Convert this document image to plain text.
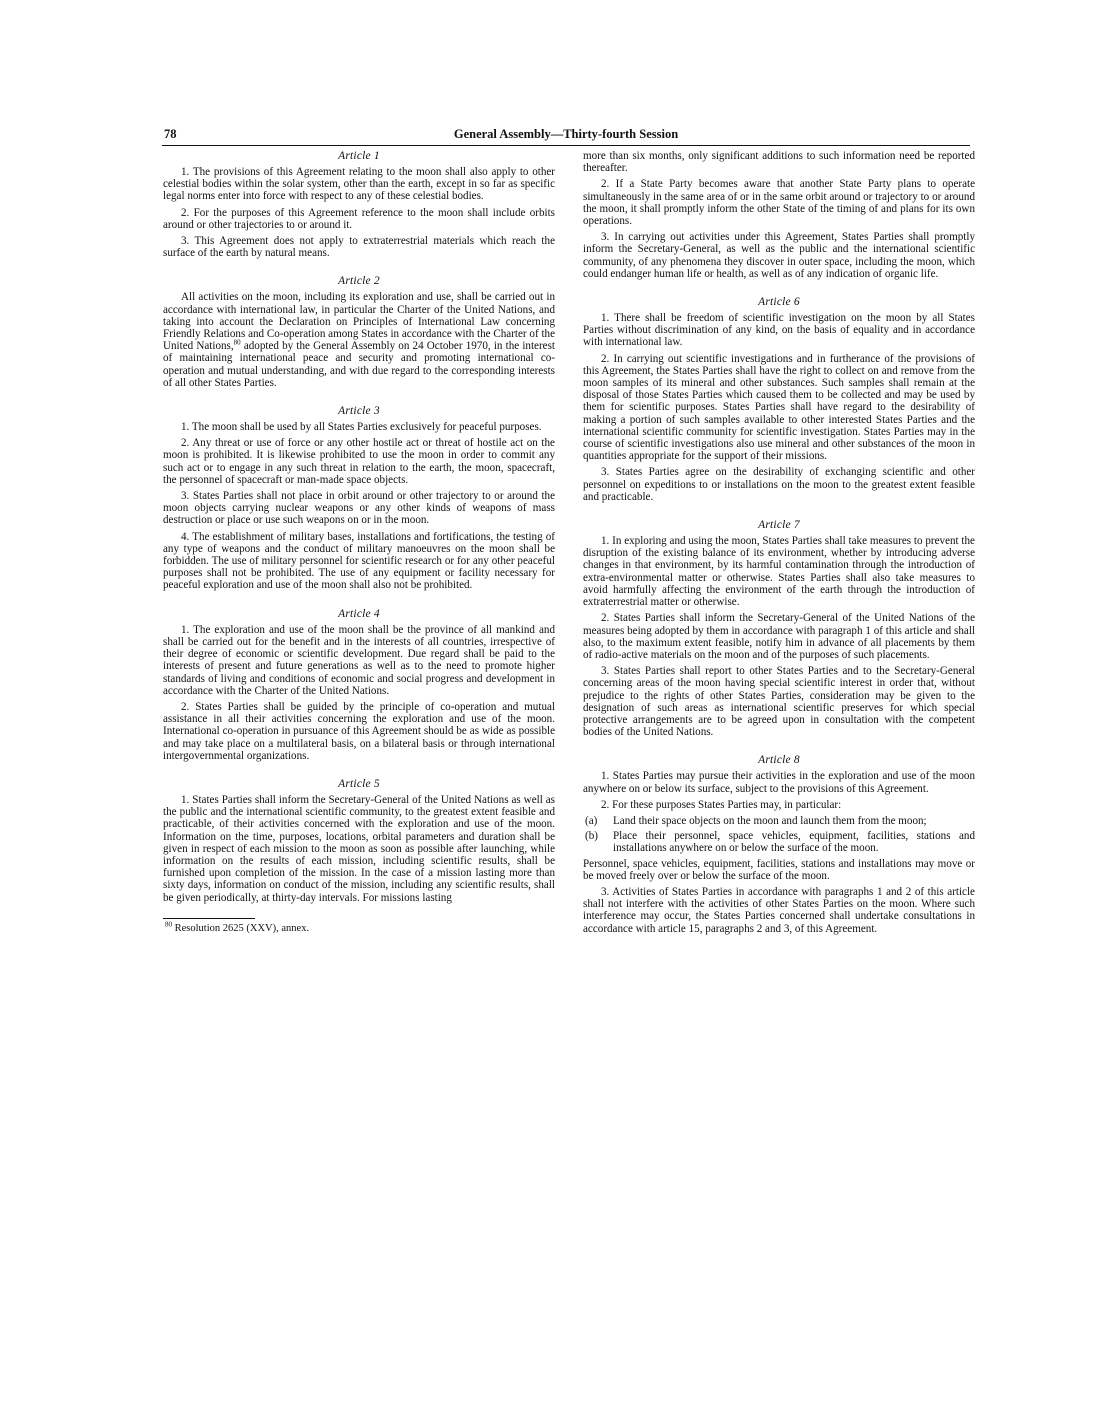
78	General Assembly—Thirty-fourth Session
Article 1

1. The provisions of this Agreement relating to the moon shall also apply to other celestial bodies within the solar system, other than the earth, except in so far as specific legal norms enter into force with respect to any of these celestial bodies.

2. For the purposes of this Agreement reference to the moon shall include orbits around or other trajectories to or around it.

3. This Agreement does not apply to extraterrestrial materials which reach the surface of the earth by natural means.

Article 2

All activities on the moon, including its exploration and use, shall be carried out in accordance with international law, in particular the Charter of the United Nations, and taking into account the Declaration on Principles of International Law concerning Friendly Relations and Co-operation among States in accordance with the Charter of the United Nations,$^{80}$ adopted by the General Assembly on 24 October 1970, in the interest of maintaining international peace and security and promoting international co-operation and mutual understanding, and with due regard to the corresponding interests of all other States Parties.

Article 3

1. The moon shall be used by all States Parties exclusively for peaceful purposes.

2. Any threat or use of force or any other hostile act or threat of hostile act on the moon is prohibited. It is likewise prohibited to use the moon in order to commit any such act or to engage in any such threat in relation to the earth, the moon, spacecraft, the personnel of spacecraft or man-made space objects.

3. States Parties shall not place in orbit around or other trajectory to or around the moon objects carrying nuclear weapons or any other kinds of weapons of mass destruction or place or use such weapons on or in the moon.

4. The establishment of military bases, installations and fortifications, the testing of any type of weapons and the conduct of military manoeuvres on the moon shall be forbidden. The use of military personnel for scientific research or for any other peaceful purposes shall not be prohibited. The use of any equipment or facility necessary for peaceful exploration and use of the moon shall also not be prohibited.

Article 4

1. The exploration and use of the moon shall be the province of all mankind and shall be carried out for the benefit and in the interests of all countries, irrespective of their degree of economic or scientific development. Due regard shall be paid to the interests of present and future generations as well as to the need to promote higher standards of living and conditions of economic and social progress and development in accordance with the Charter of the United Nations.

2. States Parties shall be guided by the principle of co-operation and mutual assistance in all their activities concerning the exploration and use of the moon. International co-operation in pursuance of this Agreement should be as wide as possible and may take place on a multilateral basis, on a bilateral basis or through international intergovernmental organizations.

Article 5

1. States Parties shall inform the Secretary-General of the United Nations as well as the public and the international scientific community, to the greatest extent feasible and practicable, of their activities concerned with the exploration and use of the moon. Information on the time, purposes, locations, orbital parameters and duration shall be given in respect of each mission to the moon as soon as possible after launching, while information on the results of each mission, including scientific results, shall be furnished upon completion of the mission. In the case of a mission lasting more than sixty days, information on conduct of the mission, including any scientific results, shall be given periodically, at thirty-day intervals. For missions lasting

$^{80}$ Resolution 2625 (XXV), annex.

more than six months, only significant additions to such information need be reported thereafter.

2. If a State Party becomes aware that another State Party plans to operate simultaneously in the same area of or in the same orbit around or trajectory to or around the moon, it shall promptly inform the other State of the timing of and plans for its own operations.

3. In carrying out activities under this Agreement, States Parties shall promptly inform the Secretary-General, as well as the public and the international scientific community, of any phenomena they discover in outer space, including the moon, which could endanger human life or health, as well as of any indication of organic life.

Article 6

1. There shall be freedom of scientific investigation on the moon by all States Parties without discrimination of any kind, on the basis of equality and in accordance with international law.

2. In carrying out scientific investigations and in furtherance of the provisions of this Agreement, the States Parties shall have the right to collect on and remove from the moon samples of its mineral and other substances. Such samples shall remain at the disposal of those States Parties which caused them to be collected and may be used by them for scientific purposes. States Parties shall have regard to the desirability of making a portion of such samples available to other interested States Parties and the international scientific community for scientific investigation. States Parties may in the course of scientific investigations also use mineral and other substances of the moon in quantities appropriate for the support of their missions.

3. States Parties agree on the desirability of exchanging scientific and other personnel on expeditions to or installations on the moon to the greatest extent feasible and practicable.

Article 7

1. In exploring and using the moon, States Parties shall take measures to prevent the disruption of the existing balance of its environment, whether by introducing adverse changes in that environment, by its harmful contamination through the introduction of extra-environmental matter or otherwise. States Parties shall also take measures to avoid harmfully affecting the environment of the earth through the introduction of extraterrestrial matter or otherwise.

2. States Parties shall inform the Secretary-General of the United Nations of the measures being adopted by them in accordance with paragraph 1 of this article and shall also, to the maximum extent feasible, notify him in advance of all placements by them of radio-active materials on the moon and of the purposes of such placements.

3. States Parties shall report to other States Parties and to the Secretary-General concerning areas of the moon having special scientific interest in order that, without prejudice to the rights of other States Parties, consideration may be given to the designation of such areas as international scientific preserves for which special protective arrangements are to be agreed upon in consultation with the competent bodies of the United Nations.

Article 8

1. States Parties may pursue their activities in the exploration and use of the moon anywhere on or below its surface, subject to the provisions of this Agreement.

2. For these purposes States Parties may, in particular:

(a)	Land their space objects on the moon and launch them from the moon;
(b)	Place their personnel, space vehicles, equipment, facilities, stations and installations anywhere on or below the surface of the moon.

Personnel, space vehicles, equipment, facilities, stations and installations may move or be moved freely over or below the surface of the moon.

3. Activities of States Parties in accordance with paragraphs 1 and 2 of this article shall not interfere with the activities of other States Parties on the moon. Where such interference may occur, the States Parties concerned shall undertake consultations in accordance with article 15, paragraphs 2 and 3, of this Agreement.
